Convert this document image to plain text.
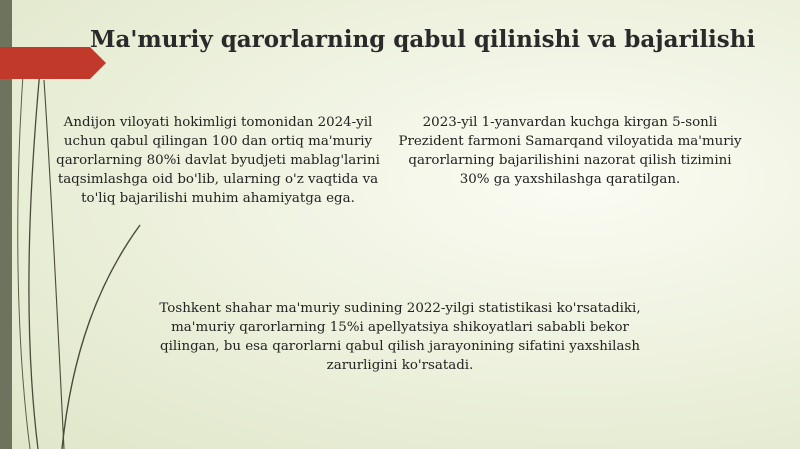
Ma'muriy qarorlarning qabul qilinishi va bajarilishi

Andijon viloyati hokimligi tomonidan 2024-yil uchun qabul qilingan 100 dan ortiq ma'muriy qarorlarning 80%i davlat byudjeti mablag'larini taqsimlashga oid bo'lib, ularning o'z vaqtida va to'liq bajarilishi muhim ahamiyatga ega.

2023-yil 1-yanvardan kuchga kirgan 5-sonli Prezident farmoni Samarqand viloyatida ma'muriy qarorlarning bajarilishini nazorat qilish tizimini 30% ga yaxshilashga qaratilgan.

Toshkent shahar ma'muriy sudining 2022-yilgi statistikasi ko'rsatadiki, ma'muriy qarorlarning 15%i apellyatsiya shikoyatlari sababli bekor qilingan, bu esa qarorlarni qabul qilish jarayonining sifatini yaxshilash zarurligini ko'rsatadi.
